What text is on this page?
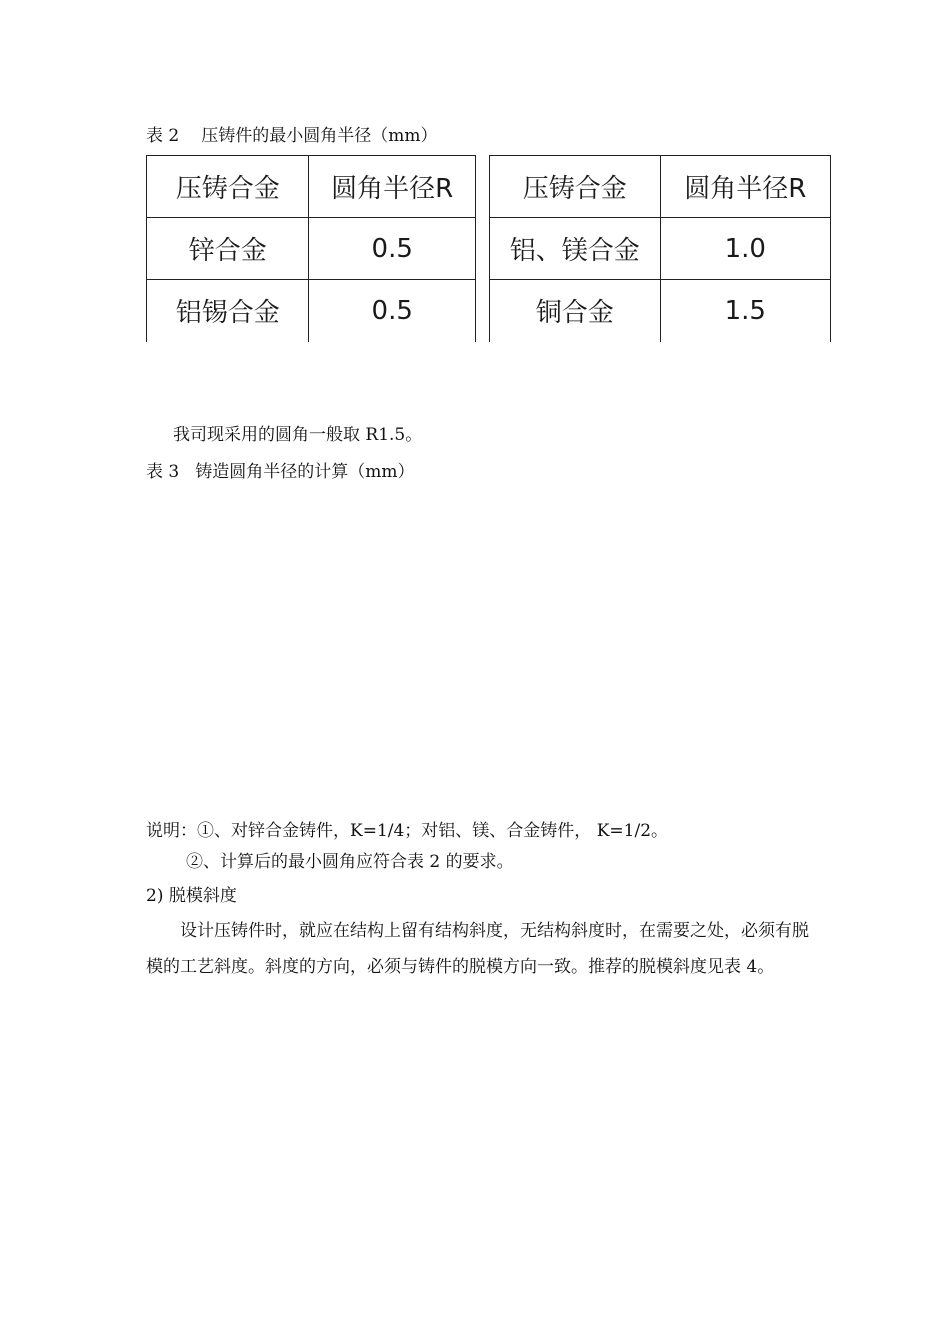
表 2 压铸件的最小圆角半径（mm）
压铸合金	圆角半径R
锌合金	0.5
铝锡合金	0.5
压铸合金	圆角半径R
铝、镁合金	1.0
铜合金	1.5
我司现采用的圆角一般取 R1.5。
表 3 铸造圆角半径的计算（mm）
说明：①、对锌合金铸件，K=1/4；对铝、镁、合金铸件， K=1/2。
②、计算后的最小圆角应符合表 2 的要求。
2) 脱模斜度
设计压铸件时，就应在结构上留有结构斜度，无结构斜度时，在需要之处，必须有脱模的工艺斜度。斜度的方向，必须与铸件的脱模方向一致。推荐的脱模斜度见表 4。
